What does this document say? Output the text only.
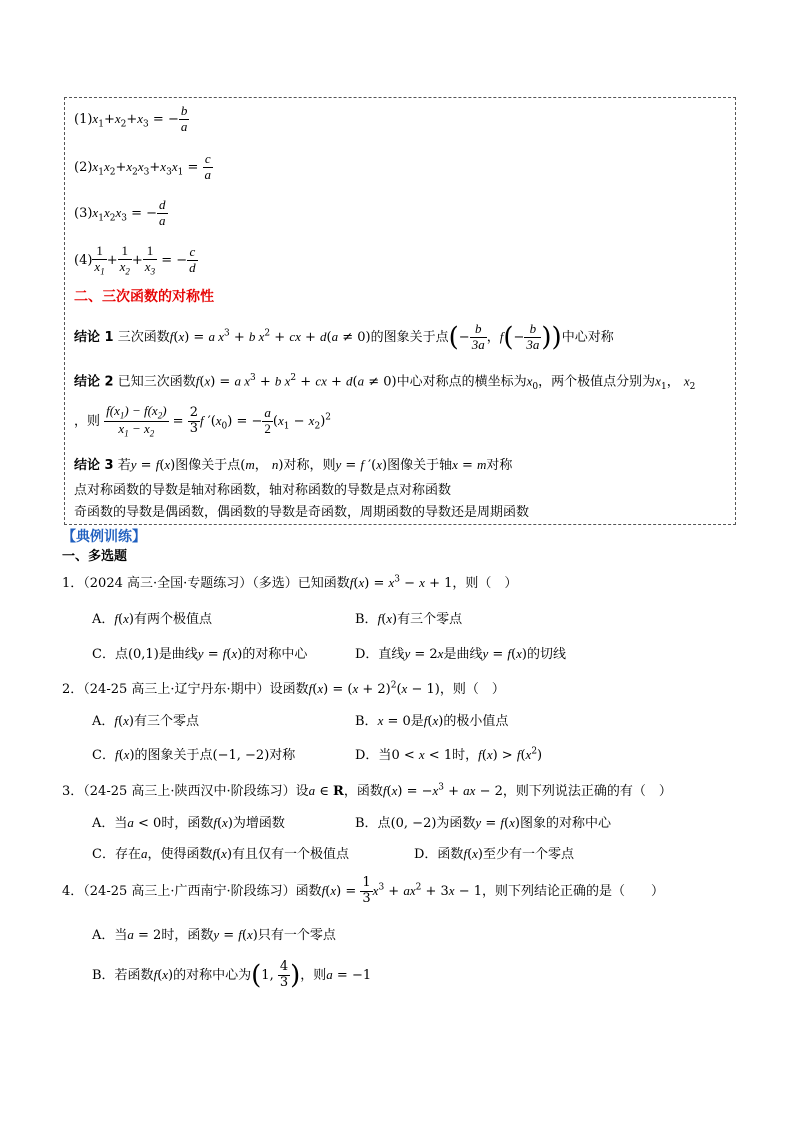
$(1)x_1+x_2+x_3$ = − $\frac{b}{a}$
$(2)x_1x_2+x_2x_3+x_3x_1 = \frac{c}{a}$
$(3)x_1x_2x_3$ = − $\frac{d}{a}$
$(4) \frac{1}{x_1} + \frac{1}{x_2} + \frac{1}{x_3}$ = − $\frac{c}{d}$
二、三次函数的对称性
结论 1 三次函数f(x) = a $x^3 + b$ $x^2$ + cx + d(a ≠ 0)的图象关于点(− $\frac{b}{3a}$ ，$f(- \frac{b}{3a}$ ))中心对称
结论 2 已知三次函数f(x) = a $x^3 + b$ $x^2$ + cx + d(a ≠ 0)中心对称点的横坐标为$x_0$，两个极值点分别为$x_1$， $x_2$
，则 $\frac{f(x_1) - f(x_2)}{x_1 - x_2} = \frac{2}{3}$ f $'(x_0)$ = − $\frac{a}{2} (x_1 - x_2)^2$
结论 3 若y = f(x)图像关于点(m， n)对称，则y = f ′(x)图像关于轴x = m对称
点对称函数的导数是轴对称函数，轴对称函数的导数是点对称函数
奇函数的导数是偶函数，偶函数的导数是奇函数，周期函数的导数还是周期函数
【典例训练】
一、多选题
1．（2024 高三·全国·专题练习）（多选）已知函数$f(x) = x^3 - x + 1$，则（　）
A．f(x)有两个极值点	B．f(x)有三个零点
C．点(0,1)是曲线y = f(x)的对称中心	D．直线y = 2x是曲线y = f(x)的切线
2．（24-25 高三上·辽宁丹东·期中）设函数$f(x) = (x + 2)^2(x - 1)$，则（　）
A．f(x)有三个零点	B．x = 0是f(x)的极小值点
C．f(x)的图象关于点(−1, −2)对称	D．当0 < x < 1时，$f(x) > f(x^2)$
3．（24-25 高三上·陕西汉中·阶段练习）设a ∈ R，函数$f(x) = -x^3$ + ax − 2，则下列说法正确的有（　）
A．当a < 0时，函数f(x)为增函数	B．点(0, −2)为函数y = f(x)图象的对称中心
C．存在a，使得函数f(x)有且仅有一个极值点	D．函数f(x)至少有一个零点
4．（24-25 高三上·广西南宁·阶段练习）函数$f(x) = \frac{1}{3} x^3 + ax^2 + 3x - 1$，则下列结论正确的是（　　）
A．当a = 2时，函数y = f(x)只有一个零点
B．若函数f(x)的对称中心为(1, $\frac{4}{3}$ )，则a = −1
